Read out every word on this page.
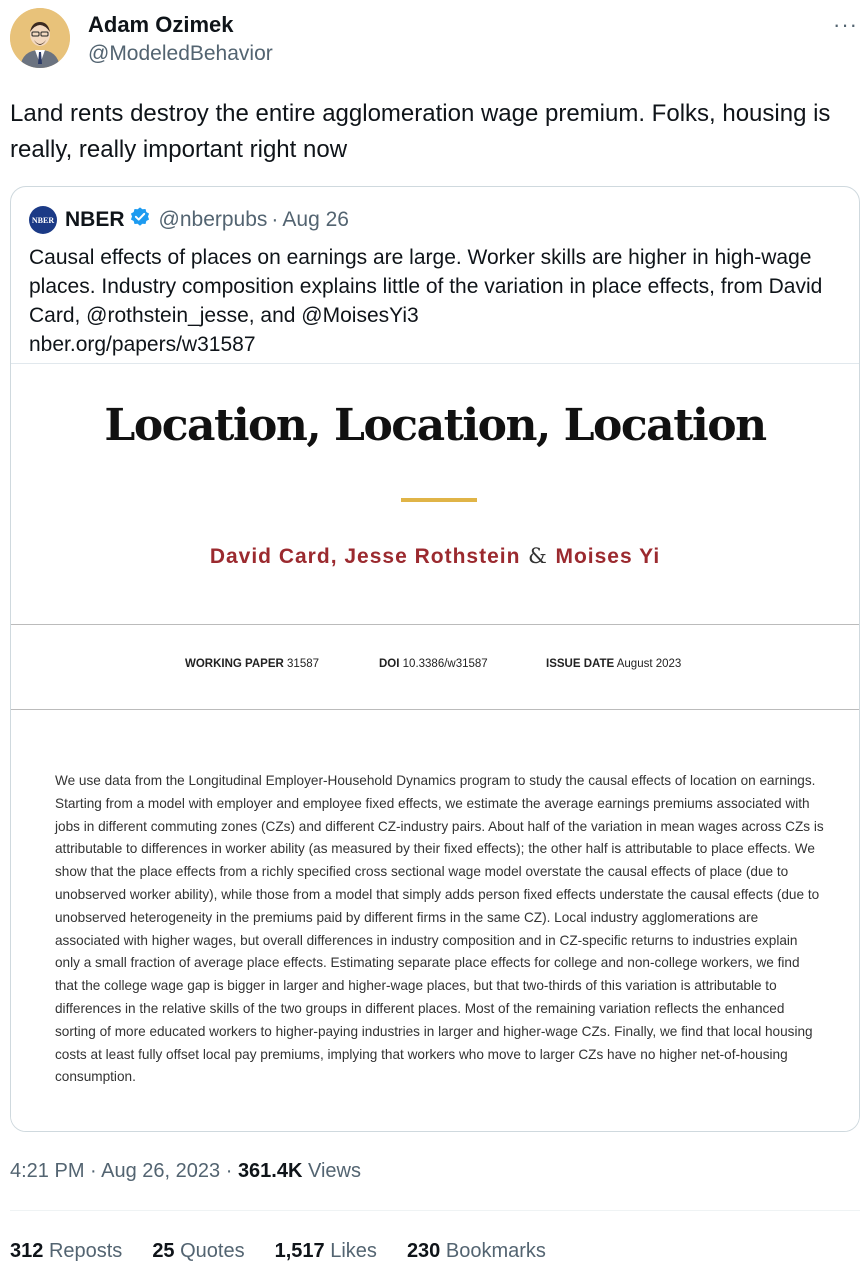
Adam Ozimek
@ModeledBehavior
···
Land rents destroy the entire agglomeration wage premium. Folks, housing is really, really important right now
NBER NBER @nberpubs · Aug 26
Causal effects of places on earnings are large. Worker skills are higher in high-wage places. Industry composition explains little of the variation in place effects, from David Card, @rothstein_jesse, and @MoisesYi3
nber.org/papers/w31587
Location, Location, Location
David Card, Jesse Rothstein & Moises Yi
WORKING PAPER 31587	DOI 10.3386/w31587	ISSUE DATE August 2023
We use data from the Longitudinal Employer-Household Dynamics program to study the causal effects of location on earnings. Starting from a model with employer and employee fixed effects, we estimate the average earnings premiums associated with jobs in different commuting zones (CZs) and different CZ-industry pairs. About half of the variation in mean wages across CZs is attributable to differences in worker ability (as measured by their fixed effects); the other half is attributable to place effects. We show that the place effects from a richly specified cross sectional wage model overstate the causal effects of place (due to unobserved worker ability), while those from a model that simply adds person fixed effects understate the causal effects (due to unobserved heterogeneity in the premiums paid by different firms in the same CZ). Local industry agglomerations are associated with higher wages, but overall differences in industry composition and in CZ-specific returns to industries explain only a small fraction of average place effects. Estimating separate place effects for college and non-college workers, we find that the college wage gap is bigger in larger and higher-wage places, but that two-thirds of this variation is attributable to differences in the relative skills of the two groups in different places. Most of the remaining variation reflects the enhanced sorting of more educated workers to higher-paying industries in larger and higher-wage CZs. Finally, we find that local housing costs at least fully offset local pay premiums, implying that workers who move to larger CZs have no higher net-of-housing consumption.
4:21 PM · Aug 26, 2023 · 361.4K Views
312 Reposts 25 Quotes 1,517 Likes 230 Bookmarks
